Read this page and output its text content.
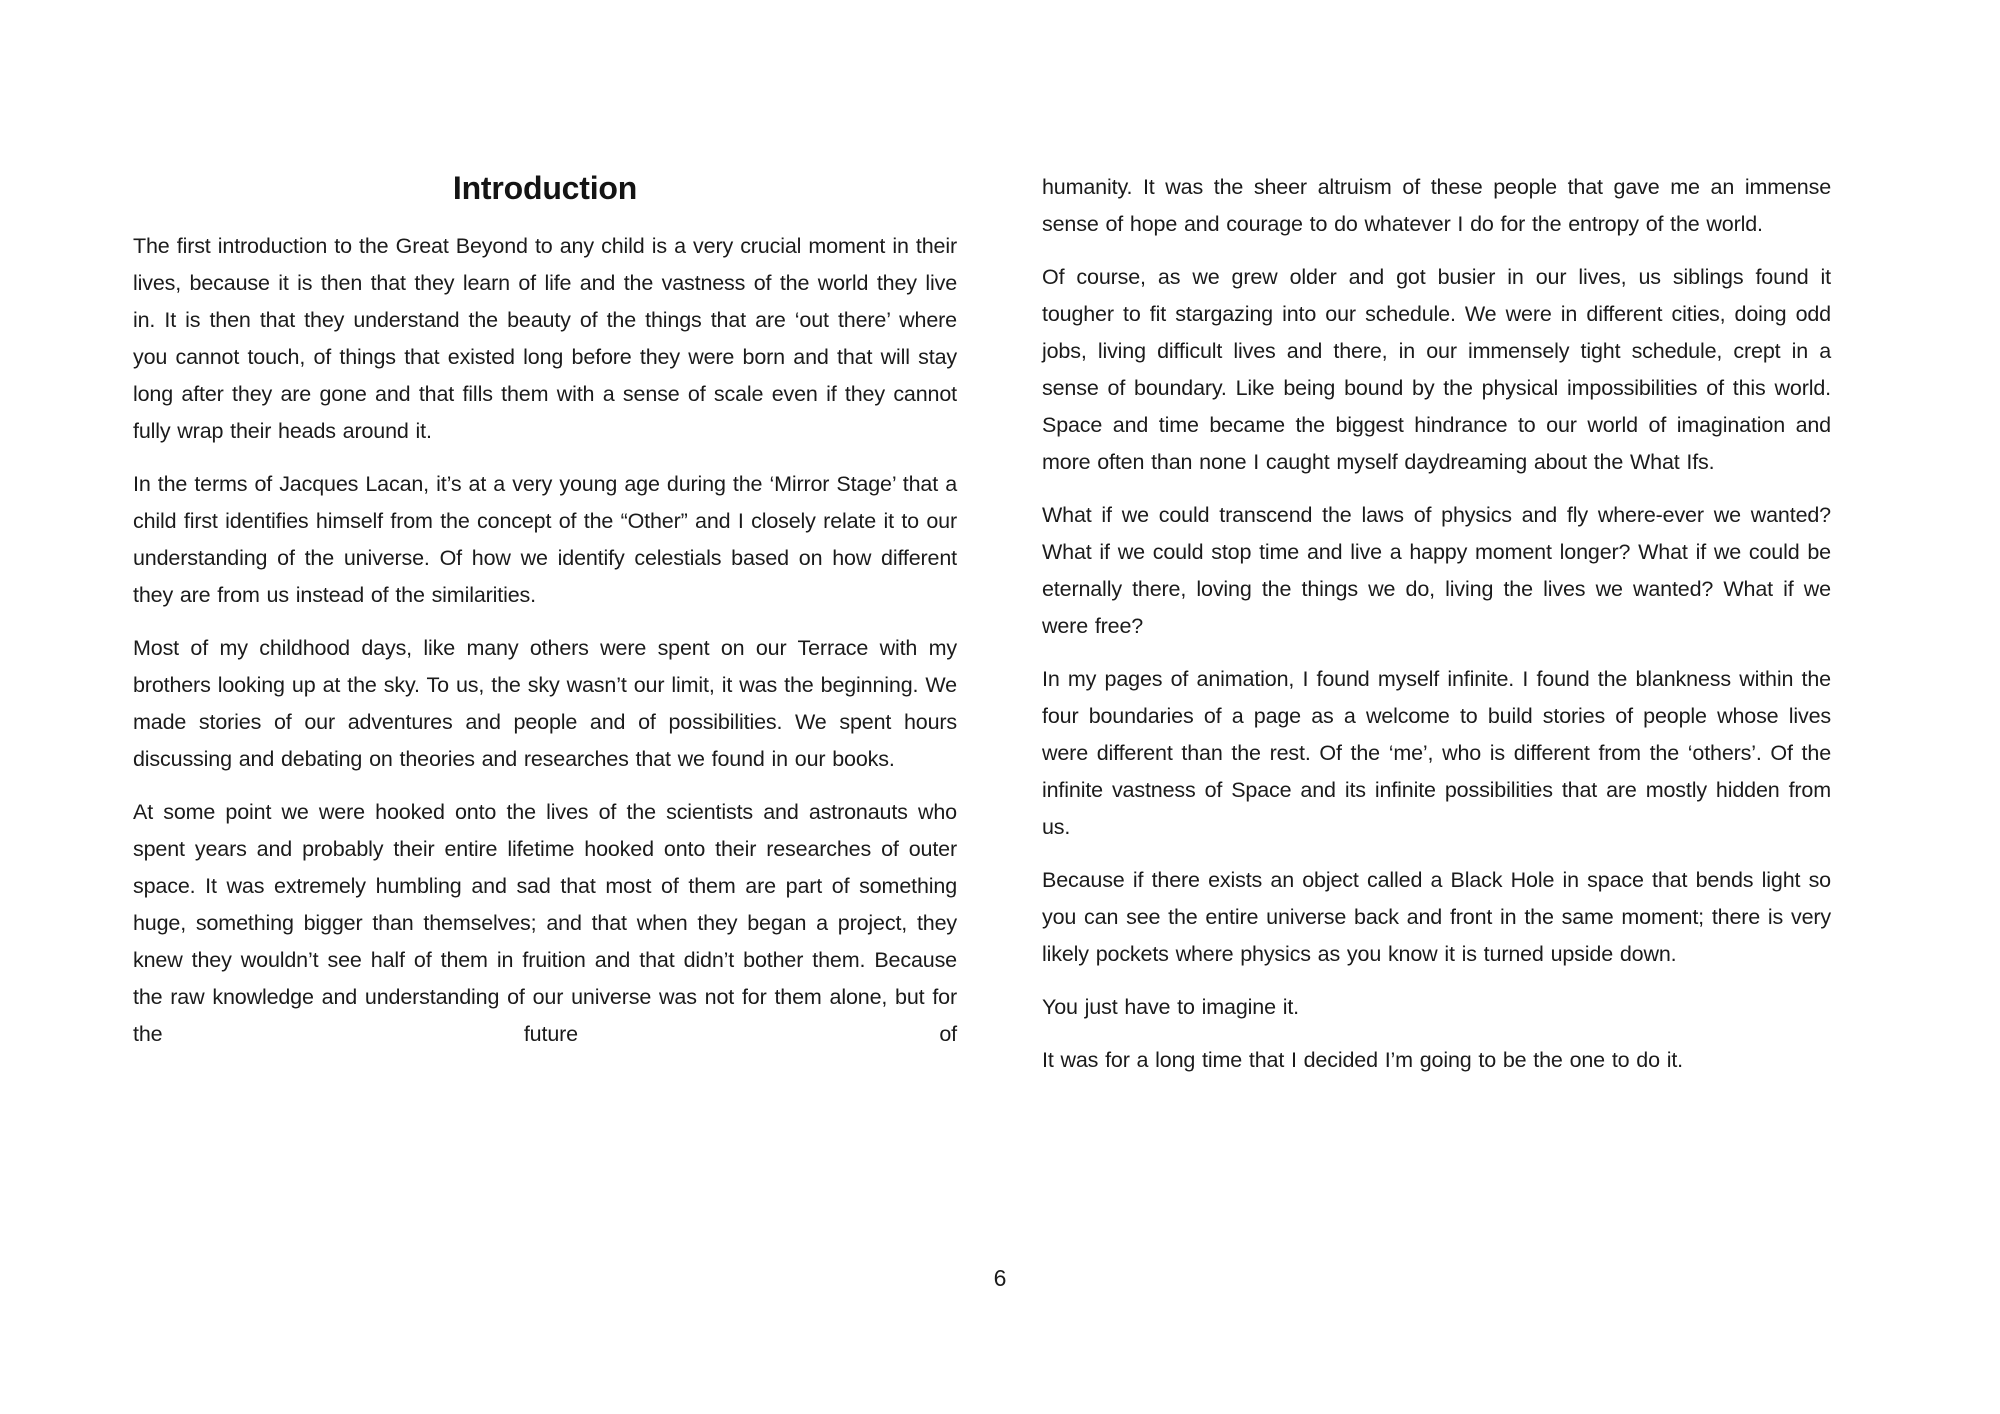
Introduction

The first introduction to the Great Beyond to any child is a very crucial moment in their lives, because it is then that they learn of life and the vastness of the world they live in. It is then that they understand the beauty of the things that are ‘out there’ where you cannot touch, of things that existed long before they were born and that will stay long after they are gone and that fills them with a sense of scale even if they cannot fully wrap their heads around it.

In the terms of Jacques Lacan, it’s at a very young age during the ‘Mirror Stage’ that a child first identifies himself from the concept of the “Other” and I closely relate it to our understanding of the universe. Of how we identify celestials based on how different they are from us instead of the similarities.

Most of my childhood days, like many others were spent on our Terrace with my brothers looking up at the sky. To us, the sky wasn’t our limit, it was the beginning. We made stories of our adventures and people and of possibilities. We spent hours discussing and debating on theories and researches that we found in our books.

At some point we were hooked onto the lives of the scientists and astronauts who spent years and probably their entire lifetime hooked onto their researches of outer space. It was extremely humbling and sad that most of them are part of something huge, something bigger than themselves; and that when they began a project, they knew they wouldn’t see half of them in fruition and that didn’t bother them. Because the raw knowledge and understanding of our universe was not for them alone, but for the future of

humanity. It was the sheer altruism of these people that gave me an immense sense of hope and courage to do whatever I do for the entropy of the world.

Of course, as we grew older and got busier in our lives, us siblings found it tougher to fit stargazing into our schedule. We were in different cities, doing odd jobs, living difficult lives and there, in our immensely tight schedule, crept in a sense of boundary. Like being bound by the physical impossibilities of this world. Space and time became the biggest hindrance to our world of imagination and more often than none I caught myself daydreaming about the What Ifs.

What if we could transcend the laws of physics and fly where-ever we wanted? What if we could stop time and live a happy moment longer? What if we could be eternally there, loving the things we do, living the lives we wanted? What if we were free?

In my pages of animation, I found myself infinite. I found the blankness within the four boundaries of a page as a welcome to build stories of people whose lives were different than the rest. Of the ‘me’, who is different from the ‘others’. Of the infinite vastness of Space and its infinite possibilities that are mostly hidden from us.

Because if there exists an object called a Black Hole in space that bends light so you can see the entire universe back and front in the same moment; there is very likely pockets where physics as you know it is turned upside down.

You just have to imagine it.

It was for a long time that I decided I’m going to be the one to do it.

6
